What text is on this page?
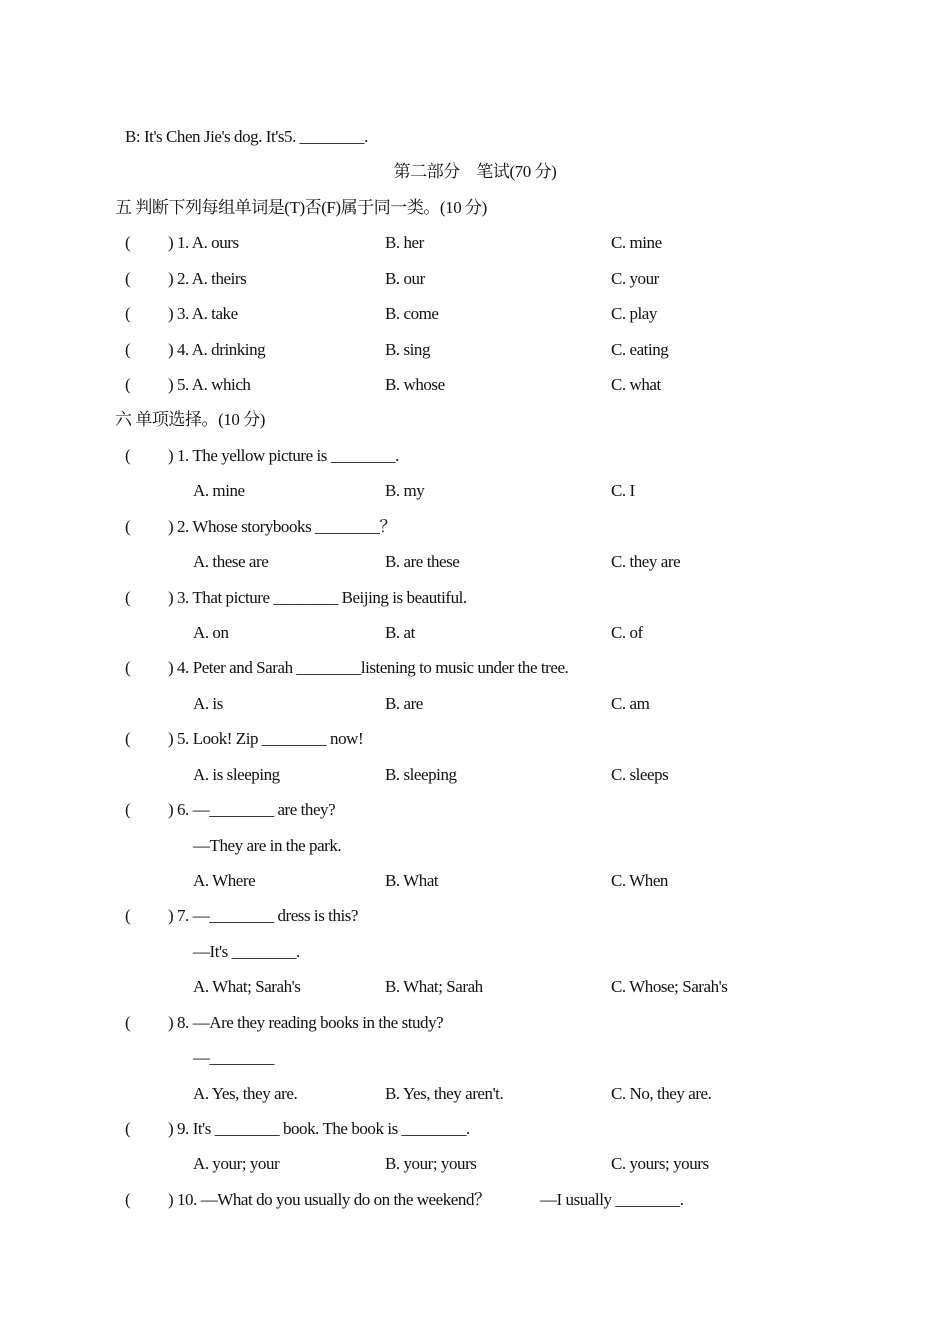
B: It's Chen Jie's dog. It's5. ________.
第二部分　笔试(70 分)
五 判断下列每组单词是(T)否(F)属于同一类。(10 分)
( ) 1. A. ours	B. her	C. mine
( ) 2. A. theirs	B. our	C. your
( ) 3. A. take	B. come	C. play
( ) 4. A. drinking	B. sing	C. eating
( ) 5. A. which	B. whose	C. what
六 单项选择。(10 分)
( ) 1. The yellow picture is ________.
A. mine	B. my	C. I
( ) 2. Whose storybooks ________？
A. these are	B. are these	C. they are
( ) 3. That picture ________ Beijing is beautiful.
A. on	B. at	C. of
( ) 4. Peter and Sarah ________listening to music under the tree.
A. is	B. are	C. am
( ) 5. Look! Zip ________ now!
A. is sleeping	B. sleeping	C. sleeps
( ) 6. —________ are they?
—They are in the park.
A. Where	B. What	C. When
( ) 7. —________ dress is this?
—It's ________.
A. What; Sarah's	B. What; Sarah	C. Whose; Sarah's
( ) 8. —Are they reading books in the study?
—________
A. Yes, they are.	B. Yes, they aren't.	C. No, they are.
( ) 9. It's ________ book. The book is ________.
A. your; your	B. your; yours	C. yours; yours
( ) 10. —What do you usually do on the weekend？	—I usually ________.
